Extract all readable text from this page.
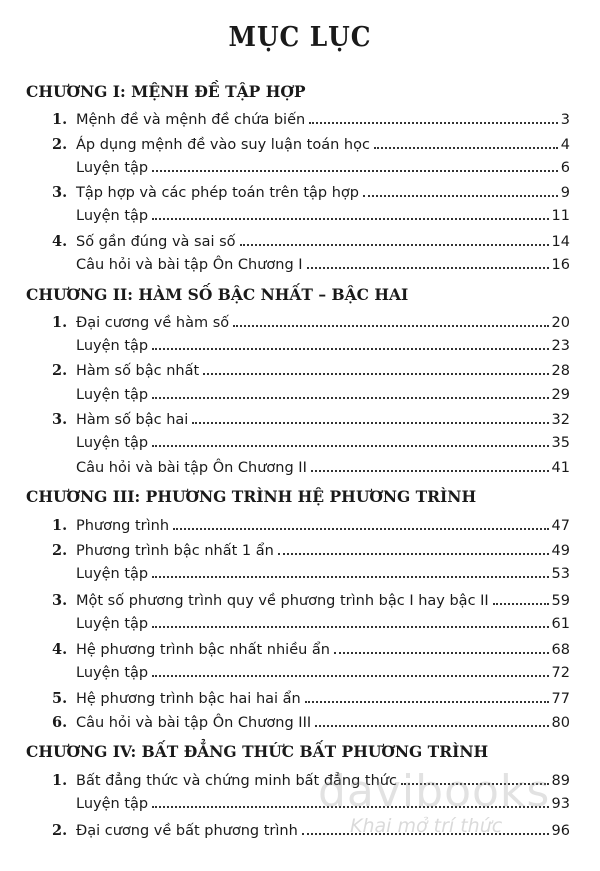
MỤC LỤC
CHƯƠNG I: MỆNH ĐỀ TẬP HỢP
1. Mệnh đề và mệnh đề chứa biến	3
2. Áp dụng mệnh đề vào suy luận toán học	4
Luyện tập	6
3. Tập hợp và các phép toán trên tập hợp	9
Luyện tập	11
4. Số gần đúng và sai số	14
Câu hỏi và bài tập Ôn Chương I	16
CHƯƠNG II: HÀM SỐ BẬC NHẤT – BẬC HAI
1. Đại cương về hàm số	20
Luyện tập	23
2. Hàm số bậc nhất	28
Luyện tập	29
3. Hàm số bậc hai	32
Luyện tập	35
Câu hỏi và bài tập Ôn Chương II	41
CHƯƠNG III: PHƯƠNG TRÌNH HỆ PHƯƠNG TRÌNH
1. Phương trình	47
2. Phương trình bậc nhất 1 ẩn	49
Luyện tập	53
3. Một số phương trình quy về phương trình bậc I hay bậc II	59
Luyện tập	61
4. Hệ phương trình bậc nhất nhiều ẩn	68
Luyện tập	72
5. Hệ phương trình bậc hai hai ẩn	77
6. Câu hỏi và bài tập Ôn Chương III	80
CHƯƠNG IV: BẤT ĐẲNG THỨC BẤT PHƯƠNG TRÌNH
1. Bất đẳng thức và chứng minh bất đẳng thức	89
Luyện tập	93
2. Đại cương về bất phương trình	96
davibooks
Khai mở trí thức
